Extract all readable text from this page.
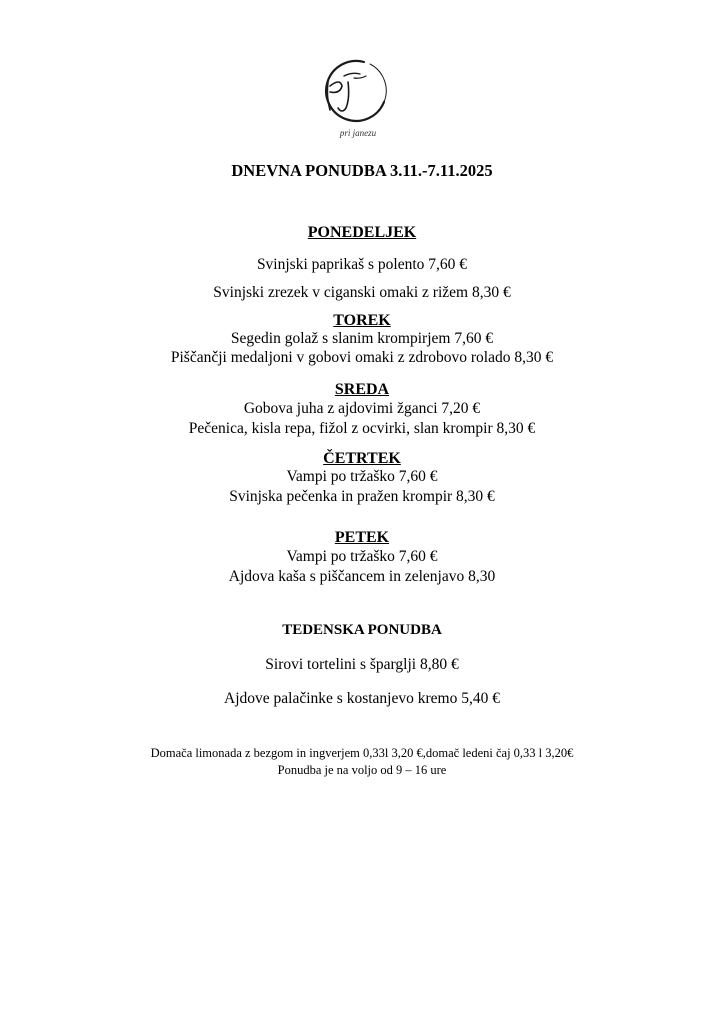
pri janezu
DNEVNA PONUDBA 3.11.-7.11.2025
PONEDELJEK
Svinjski paprikaš s polento 7,60 €
Svinjski zrezek v ciganski omaki z rižem 8,30 €
TOREK
Segedin golaž s slanim krompirjem 7,60 €
Piščančji medaljoni v gobovi omaki z zdrobovo rolado 8,30 €
SREDA
Gobova juha z ajdovimi žganci 7,20 €
Pečenica, kisla repa, fižol z ocvirki, slan krompir 8,30 €
ČETRTEK
Vampi po tržaško 7,60 €
Svinjska pečenka in pražen krompir 8,30 €
PETEK
Vampi po tržaško 7,60 €
Ajdova kaša s piščancem in zelenjavo 8,30
TEDENSKA PONUDBA
Sirovi tortelini s šparglji 8,80 €
Ajdove palačinke s kostanjevo kremo 5,40 €
Domača limonada z bezgom in ingverjem 0,33l 3,20 €,domač ledeni čaj 0,33 l 3,20€
Ponudba je na voljo od 9 – 16 ure
